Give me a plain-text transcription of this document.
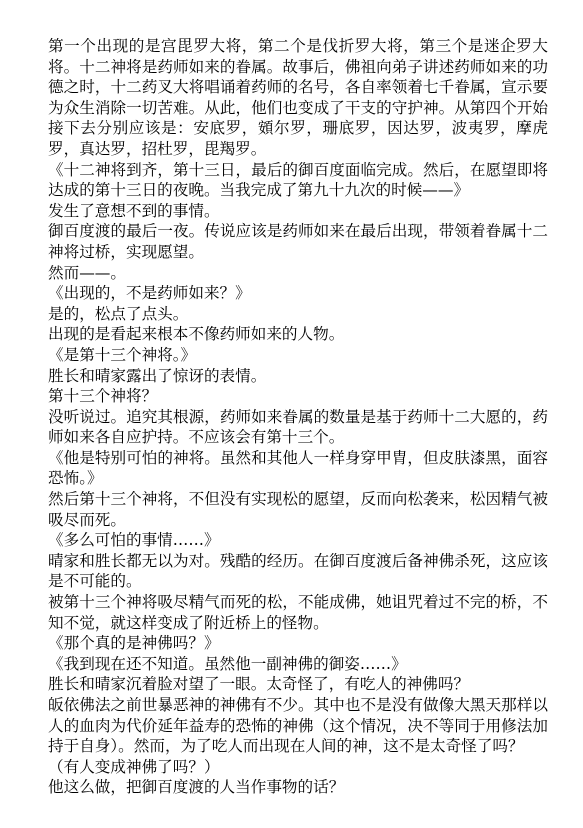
第一个出现的是宫毘罗大将，第二个是伐折罗大将，第三个是迷企罗大将。十二神将是药师如来的眷属。故事后，佛祖向弟子讲述药师如来的功德之时，十二药叉大将唱诵着药师的名号，各自率领着七千眷属，宣示要为众生消除一切苦难。从此，他们也变成了干支的守护神。从第四个开始接下去分别应该是：安底罗，頞尔罗，珊底罗，因达罗，波夷罗，摩虎罗，真达罗，招杜罗，毘羯罗。

《十二神将到齐，第十三日，最后的御百度面临完成。然后，在愿望即将达成的第十三日的夜晚。当我完成了第九十九次的时候——》

发生了意想不到的事情。

御百度渡的最后一夜。传说应该是药师如来在最后出现，带领着眷属十二神将过桥，实现愿望。

然而——。

《出现的，不是药师如来？》

是的，松点了点头。

出现的是看起来根本不像药师如来的人物。

《是第十三个神将。》

胜长和晴家露出了惊讶的表情。

第十三个神将？

没听说过。追究其根源，药师如来眷属的数量是基于药师十二大愿的，药师如来各自应护持。不应该会有第十三个。

《他是特别可怕的神将。虽然和其他人一样身穿甲胄，但皮肤漆黑，面容恐怖。》

然后第十三个神将，不但没有实现松的愿望，反而向松袭来，松因精气被吸尽而死。

《多么可怕的事情……》

晴家和胜长都无以为对。残酷的经历。在御百度渡后备神佛杀死，这应该是不可能的。

被第十三个神将吸尽精气而死的松，不能成佛，她诅咒着过不完的桥，不知不觉，就这样变成了附近桥上的怪物。

《那个真的是神佛吗？》

《我到现在还不知道。虽然他一副神佛的御姿……》

胜长和晴家沉着脸对望了一眼。太奇怪了，有吃人的神佛吗？

皈依佛法之前世暴恶神的神佛有不少。其中也不是没有做像大黑天那样以人的血肉为代价延年益寿的恐怖的神佛（这个情况，决不等同于用修法加持于自身）。然而，为了吃人而出现在人间的神，这不是太奇怪了吗？

（有人变成神佛了吗？）

他这么做，把御百度渡的人当作事物的话？
